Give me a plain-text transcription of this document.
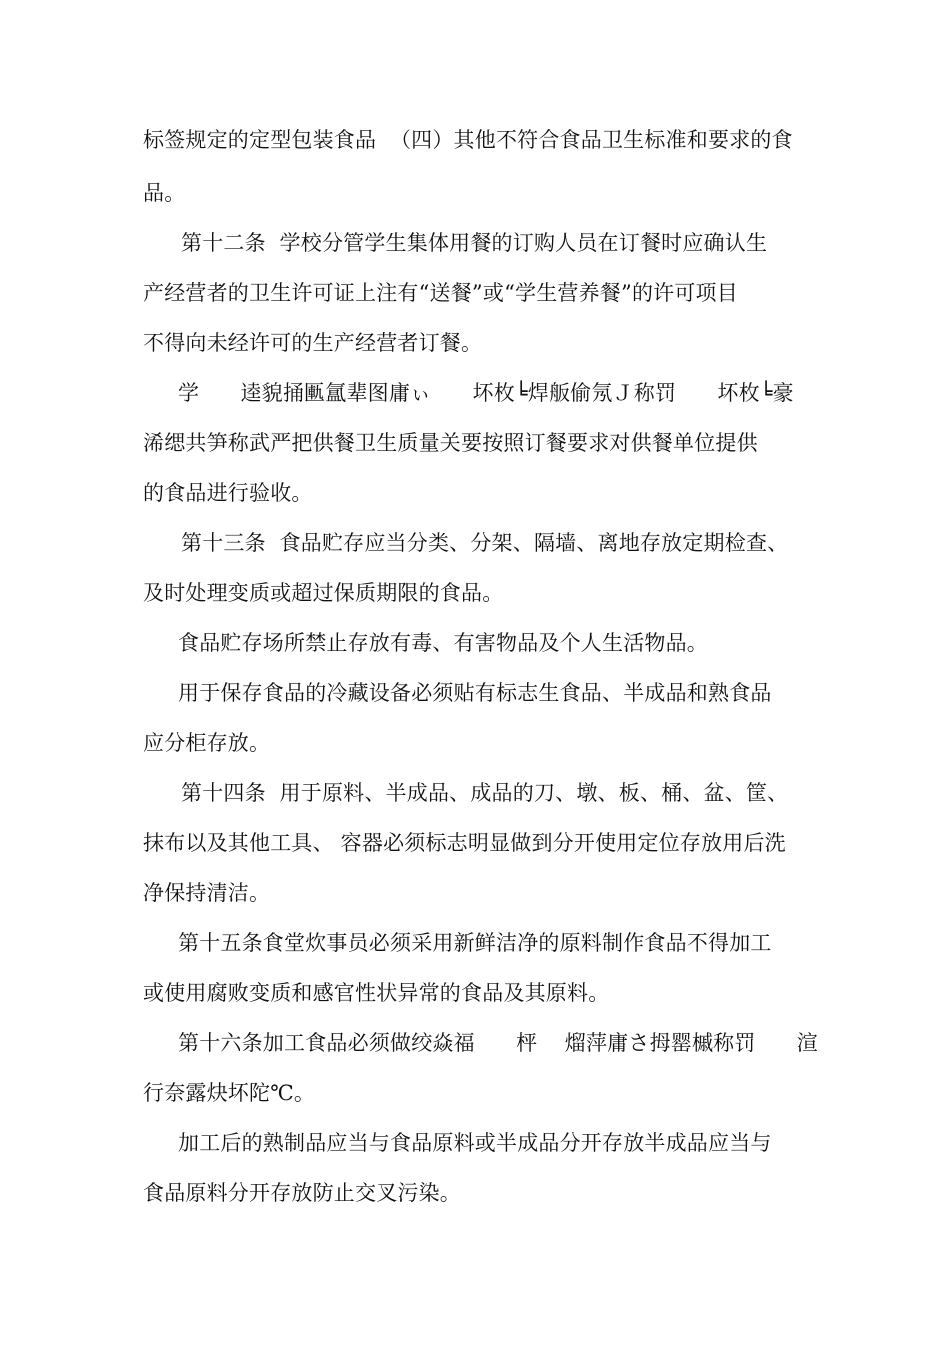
标签规定的定型包装食品  （四）其他不符合食品卫生标准和要求的食
品。
第十二条  学校分管学生集体用餐的订购人员在订餐时应确认生
产经营者的卫生许可证上注有“送餐”或“学生营养餐”的许可项目
不得向未经许可的生产经营者订餐。
学      逵貌捅匭氲辈图庸ぃ      坏枚╘焊舨偷氖Ｊ称罚      坏枚╘豪
浠缌共笋称武严把供餐卫生质量关要按照订餐要求对供餐单位提供
的食品进行验收。
第十三条  食品贮存应当分类、分架、隔墙、离地存放定期检查、
及时处理变质或超过保质期限的食品。
食品贮存场所禁止存放有毒、有害物品及个人生活物品。
用于保存食品的冷藏设备必须贴有标志生食品、半成品和熟食品
应分柜存放。
第十四条  用于原料、半成品、成品的刀、墩、板、桶、盆、筐、
抹布以及其他工具、 容器必须标志明显做到分开使用定位存放用后洗
净保持清洁。
第十五条食堂炊事员必须采用新鲜洁净的原料制作食品不得加工
或使用腐败变质和感官性状异常的食品及其原料。
第十六条加工食品必须做绞焱福      枰    熘萍庸さ拇罂槭称罚      渲
行奈露炔坏陀℃。
加工后的熟制品应当与食品原料或半成品分开存放半成品应当与
食品原料分开存放防止交叉污染。
